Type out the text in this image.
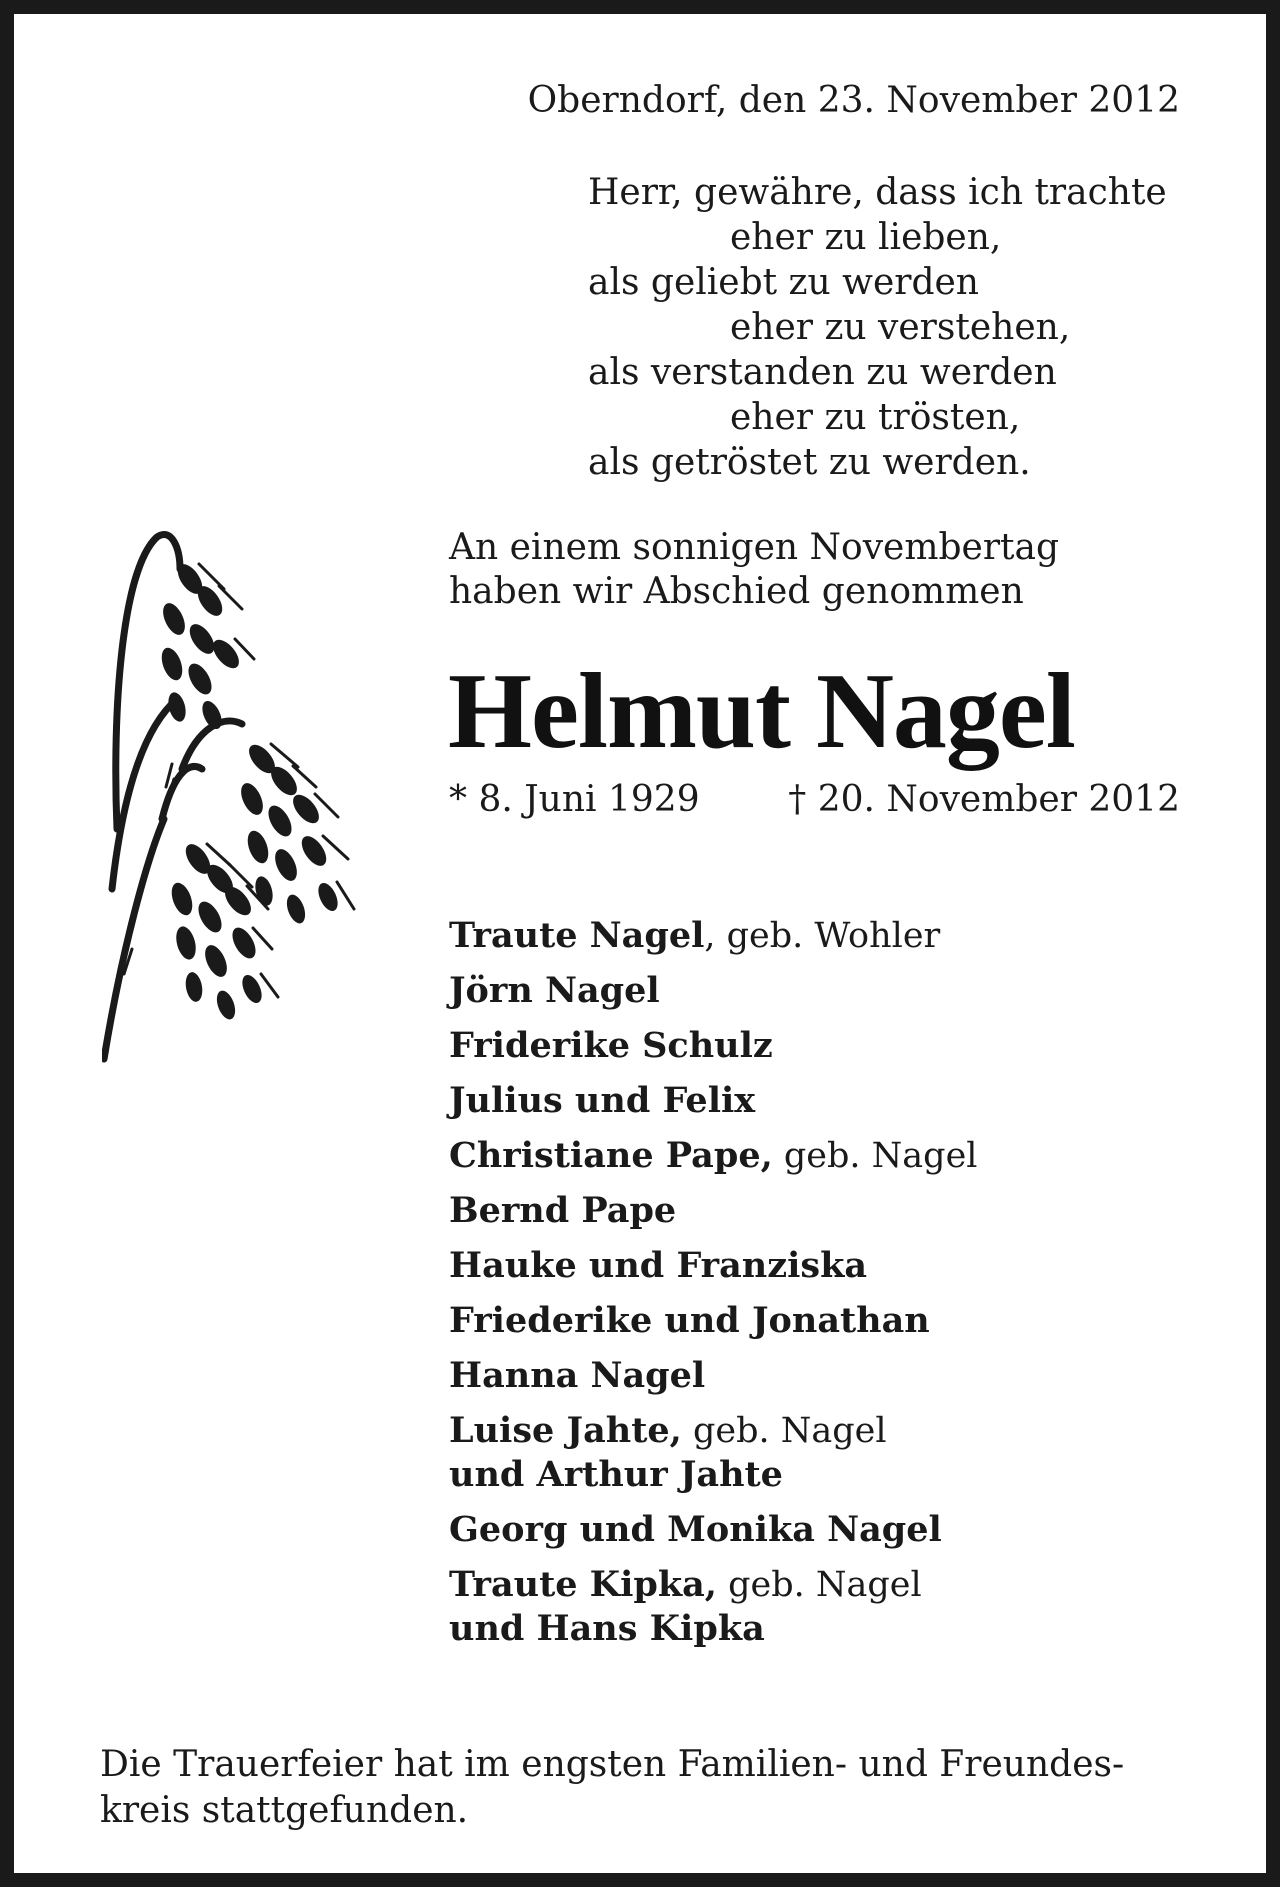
Oberndorf, den 23. November 2012
Herr, gewähre, dass ich trachte
eher zu lieben,
als geliebt zu werden
eher zu verstehen,
als verstanden zu werden
eher zu trösten,
als getröstet zu werden.
An einem sonnigen Novembertag
haben wir Abschied genommen
Helmut Nagel
* 8. Juni 1929 † 20. November 2012
Traute Nagel, geb. Wohler
Jörn Nagel
Friderike Schulz
Julius und Felix
Christiane Pape, geb. Nagel
Bernd Pape
Hauke und Franziska
Friederike und Jonathan
Hanna Nagel
Luise Jahte, geb. Nagel
und Arthur Jahte
Georg und Monika Nagel
Traute Kipka, geb. Nagel
und Hans Kipka
Die Trauerfeier hat im engsten Familien- und Freundes-
kreis stattgefunden.
